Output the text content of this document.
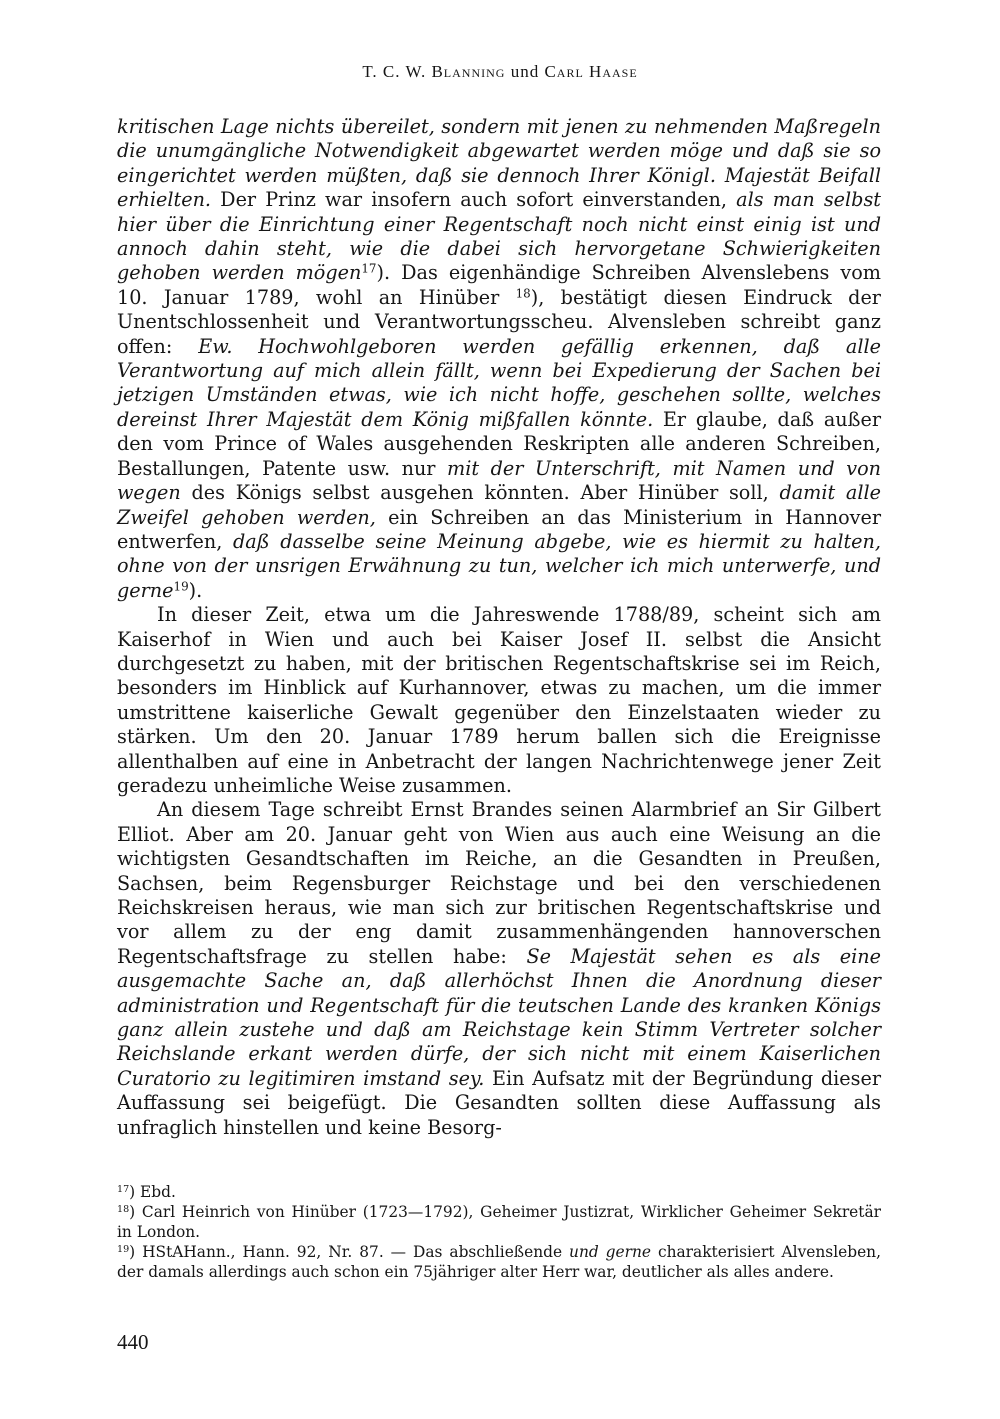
T. C. W. Blanning und Carl Haase

kritischen Lage nichts übereilet, sondern mit jenen zu nehmenden Maßregeln die unumgängliche Notwendigkeit abgewartet werden möge und daß sie so eingerichtet werden müßten, daß sie dennoch Ihrer Königl. Majestät Beifall erhielten. Der Prinz war insofern auch sofort einverstanden, als man selbst hier über die Einrichtung einer Regentschaft noch nicht einst einig ist und annoch dahin steht, wie die dabei sich hervorgetane Schwierigkeiten gehoben werden mögen$^{17}$). Das eigenhändige Schreiben Alvenslebens vom 10. Januar 1789, wohl an Hinüber $^{18}$), bestätigt diesen Eindruck der Unentschlossenheit und Verantwortungsscheu. Alvensleben schreibt ganz offen: Ew. Hochwohlgeboren werden gefällig erkennen, daß alle Verantwortung auf mich allein fällt, wenn bei Expedierung der Sachen bei jetzigen Umständen etwas, wie ich nicht hoffe, geschehen sollte, welches dereinst Ihrer Majestät dem König mißfallen könnte. Er glaube, daß außer den vom Prince of Wales ausgehenden Reskripten alle anderen Schreiben, Bestallungen, Patente usw. nur mit der Unterschrift, mit Namen und von wegen des Königs selbst ausgehen könnten. Aber Hinüber soll, damit alle Zweifel gehoben werden, ein Schreiben an das Ministerium in Hannover entwerfen, daß dasselbe seine Meinung abgebe, wie es hiermit zu halten, ohne von der unsrigen Erwähnung zu tun, welcher ich mich unterwerfe, und gerne$^{19}$).

In dieser Zeit, etwa um die Jahreswende 1788/89, scheint sich am Kaiserhof in Wien und auch bei Kaiser Josef II. selbst die Ansicht durchgesetzt zu haben, mit der britischen Regentschaftskrise sei im Reich, besonders im Hinblick auf Kurhannover, etwas zu machen, um die immer umstrittene kaiserliche Gewalt gegenüber den Einzelstaaten wieder zu stärken. Um den 20. Januar 1789 herum ballen sich die Ereignisse allenthalben auf eine in Anbetracht der langen Nachrichtenwege jener Zeit geradezu unheimliche Weise zusammen.

An diesem Tage schreibt Ernst Brandes seinen Alarmbrief an Sir Gilbert Elliot. Aber am 20. Januar geht von Wien aus auch eine Weisung an die wichtigsten Gesandtschaften im Reiche, an die Gesandten in Preußen, Sachsen, beim Regensburger Reichstage und bei den verschiedenen Reichskreisen heraus, wie man sich zur britischen Regentschaftskrise und vor allem zu der eng damit zusammenhängenden hannoverschen Regentschaftsfrage zu stellen habe: Se Majestät sehen es als eine ausgemachte Sache an, daß allerhöchst Ihnen die Anordnung dieser administration und Regentschaft für die teutschen Lande des kranken Königs ganz allein zustehe und daß am Reichstage kein Stimm Vertreter solcher Reichslande erkant werden dürfe, der sich nicht mit einem Kaiserlichen Curatorio zu legitimiren imstand sey. Ein Aufsatz mit der Begründung dieser Auffassung sei beigefügt. Die Gesandten sollten diese Auffassung als unfraglich hinstellen und keine Besorg-

$^{17}$) Ebd.

$^{18}$) Carl Heinrich von Hinüber (1723—1792), Geheimer Justizrat, Wirklicher Geheimer Sekretär in London.

$^{19}$) HStAHann., Hann. 92, Nr. 87. — Das abschließende und gerne charakterisiert Alvensleben, der damals allerdings auch schon ein 75jähriger alter Herr war, deutlicher als alles andere.

440
